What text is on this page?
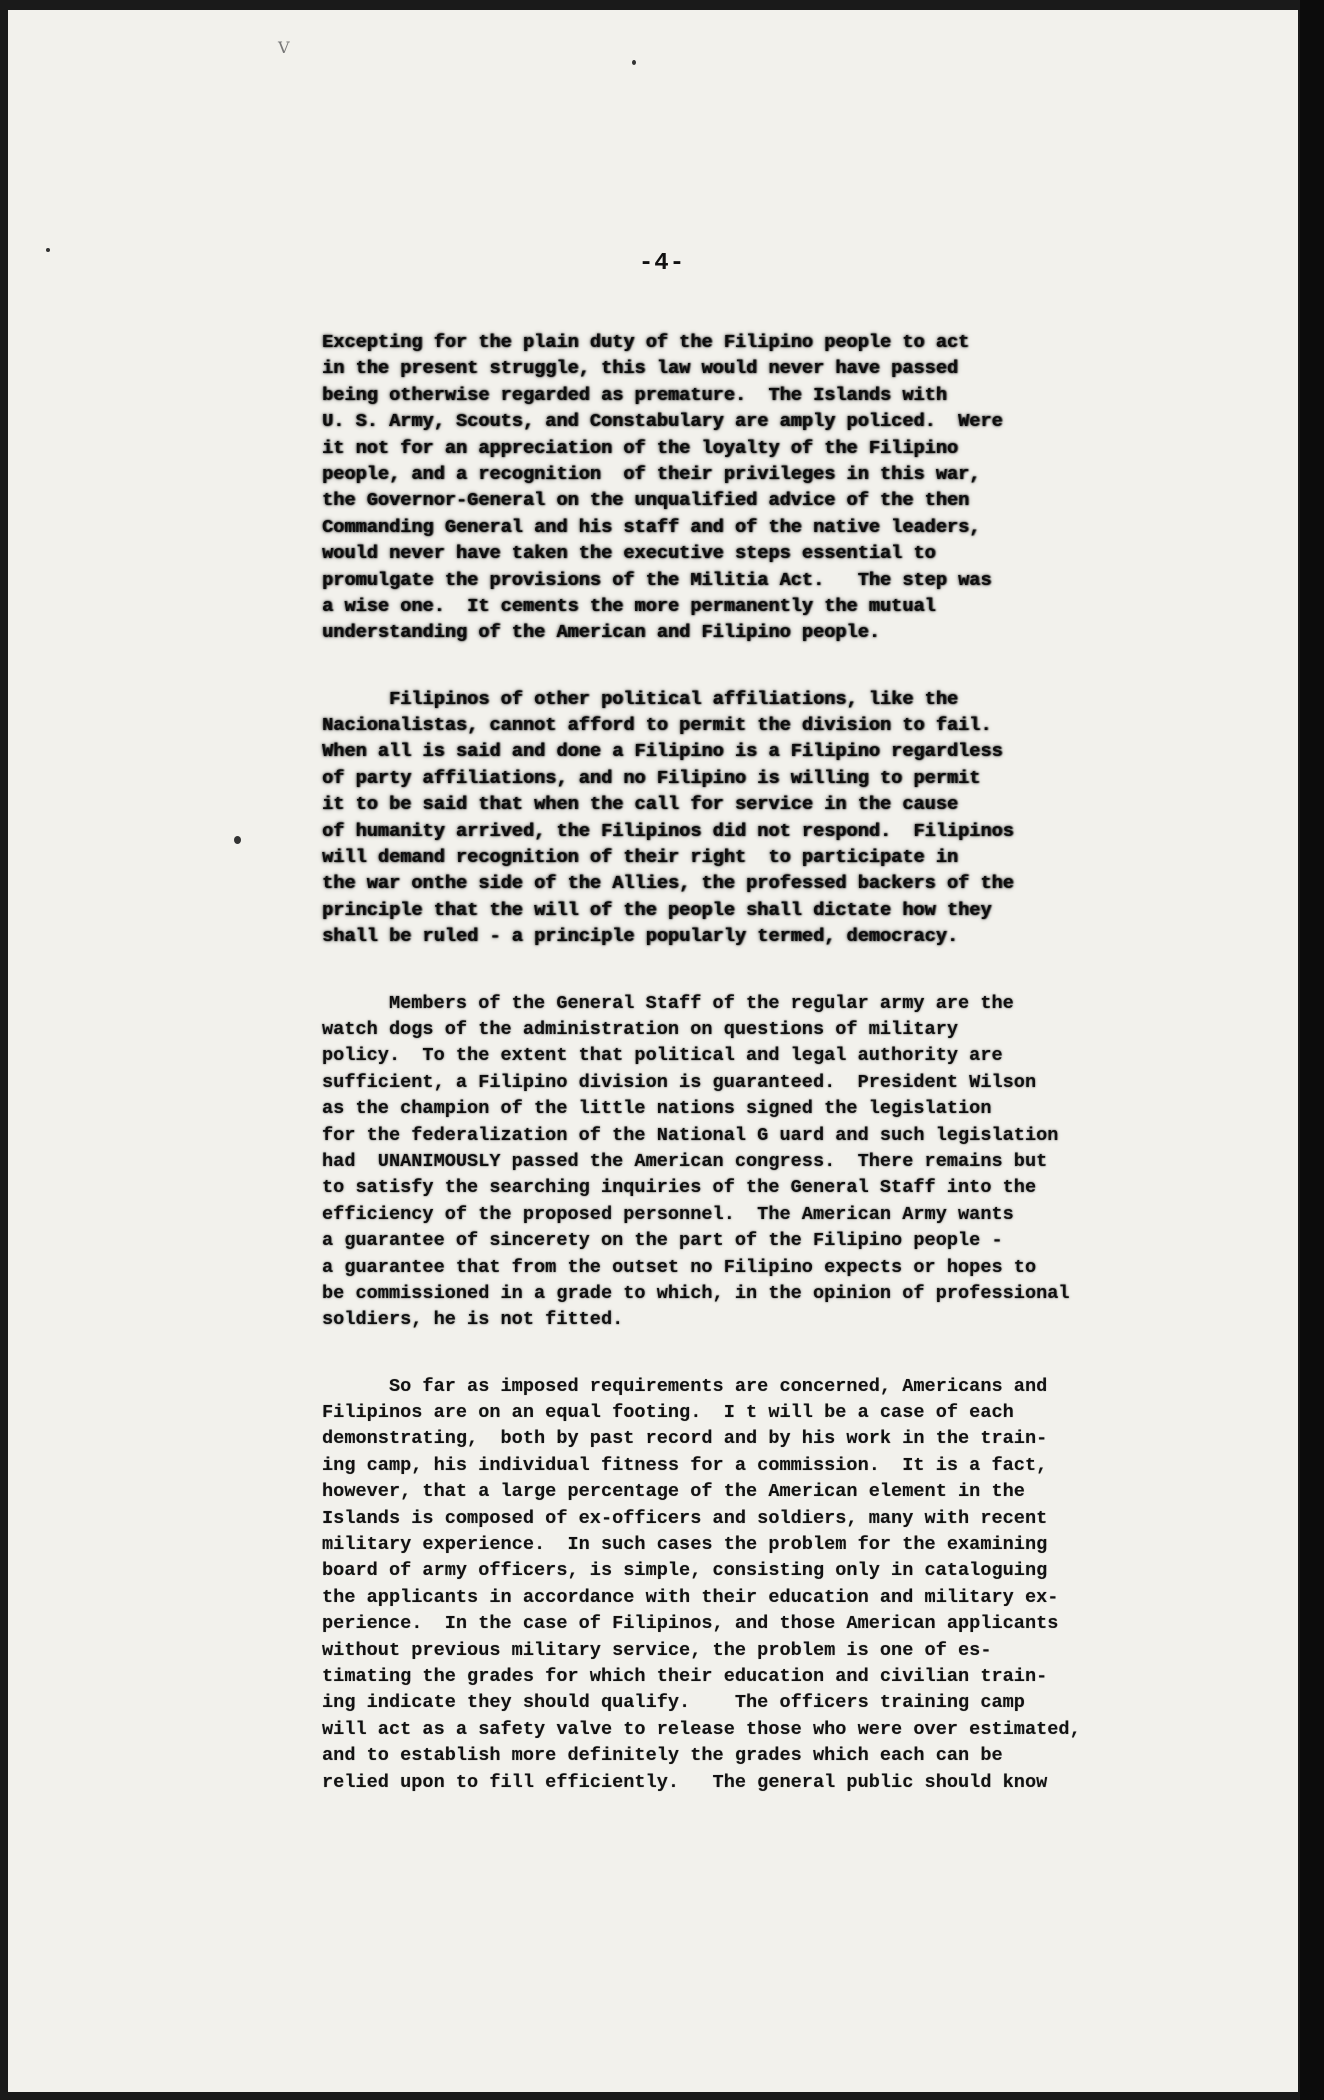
V
-4-
Excepting for the plain duty of the Filipino people to act
in the present struggle, this law would never have passed
being otherwise regarded as premature.  The Islands with
U. S. Army, Scouts, and Constabulary are amply policed.  Were
it not for an appreciation of the loyalty of the Filipino
people, and a recognition  of their privileges in this war,
the Governor-General on the unqualified advice of the then
Commanding General and his staff and of the native leaders,
would never have taken the executive steps essential to
promulgate the provisions of the Militia Act.   The step was
a wise one.  It cements the more permanently the mutual
understanding of the American and Filipino people.
Filipinos of other political affiliations, like the
Nacionalistas, cannot afford to permit the division to fail.
When all is said and done a Filipino is a Filipino regardless
of party affiliations, and no Filipino is willing to permit
it to be said that when the call for service in the cause
of humanity arrived, the Filipinos did not respond.  Filipinos
will demand recognition of their right  to participate in
the war onthe side of the Allies, the professed backers of the
principle that the will of the people shall dictate how they
shall be ruled - a principle popularly termed, democracy.
Members of the General Staff of the regular army are the
watch dogs of the administration on questions of military
policy.  To the extent that political and legal authority are
sufficient, a Filipino division is guaranteed.  President Wilson
as the champion of the little nations signed the legislation
for the federalization of the National G uard and such legislation
had  UNANIMOUSLY passed the American congress.  There remains but
to satisfy the searching inquiries of the General Staff into the
efficiency of the proposed personnel.  The American Army wants
a guarantee of sincerety on the part of the Filipino people -
a guarantee that from the outset no Filipino expects or hopes to
be commissioned in a grade to which, in the opinion of professional
soldiers, he is not fitted.
So far as imposed requirements are concerned, Americans and
Filipinos are on an equal footing.  I t will be a case of each
demonstrating,  both by past record and by his work in the train-
ing camp, his individual fitness for a commission.  It is a fact,
however, that a large percentage of the American element in the
Islands is composed of ex-officers and soldiers, many with recent
military experience.  In such cases the problem for the examining
board of army officers, is simple, consisting only in cataloguing
the applicants in accordance with their education and military ex-
perience.  In the case of Filipinos, and those American applicants
without previous military service, the problem is one of es-
timating the grades for which their education and civilian train-
ing indicate they should qualify.    The officers training camp
will act as a safety valve to release those who were over estimated,
and to establish more definitely the grades which each can be
relied upon to fill efficiently.   The general public should know
